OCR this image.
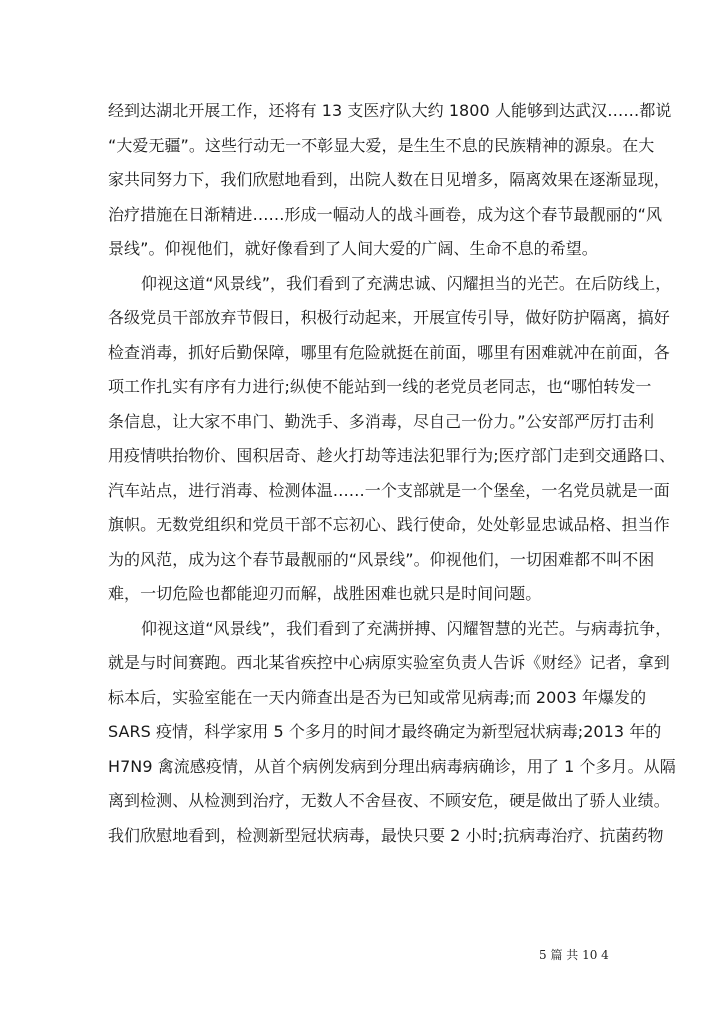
经到达湖北开展工作，还将有 13 支医疗队大约 1800 人能够到达武汉……都说
“大爱无疆”。这些行动无一不彰显大爱，是生生不息的民族精神的源泉。在大
家共同努力下，我们欣慰地看到，出院人数在日见增多，隔离效果在逐渐显现，
治疗措施在日渐精进……形成一幅动人的战斗画卷，成为这个春节最靓丽的“风
景线”。仰视他们，就好像看到了人间大爱的广阔、生命不息的希望。
仰视这道“风景线”，我们看到了充满忠诚、闪耀担当的光芒。在后防线上，
各级党员干部放弃节假日，积极行动起来，开展宣传引导，做好防护隔离，搞好
检查消毒，抓好后勤保障，哪里有危险就挺在前面，哪里有困难就冲在前面，各
项工作扎实有序有力进行;纵使不能站到一线的老党员老同志，也“哪怕转发一
条信息，让大家不串门、勤洗手、多消毒，尽自己一份力。”公安部严厉打击利
用疫情哄抬物价、囤积居奇、趁火打劫等违法犯罪行为;医疗部门走到交通路口、
汽车站点，进行消毒、检测体温……一个支部就是一个堡垒，一名党员就是一面
旗帜。无数党组织和党员干部不忘初心、践行使命，处处彰显忠诚品格、担当作
为的风范，成为这个春节最靓丽的“风景线”。仰视他们，一切困难都不叫不困
难，一切危险也都能迎刃而解，战胜困难也就只是时间问题。
仰视这道“风景线”，我们看到了充满拼搏、闪耀智慧的光芒。与病毒抗争，
就是与时间赛跑。西北某省疾控中心病原实验室负责人告诉《财经》记者，拿到
标本后，实验室能在一天内筛查出是否为已知或常见病毒;而 2003 年爆发的
SARS 疫情，科学家用 5 个多月的时间才最终确定为新型冠状病毒;2013 年的
H7N9 禽流感疫情，从首个病例发病到分理出病毒病确诊，用了 1 个多月。从隔
离到检测、从检测到治疗，无数人不舍昼夜、不顾安危，硬是做出了骄人业绩。
我们欣慰地看到，检测新型冠状病毒，最快只要 2 小时;抗病毒治疗、抗菌药物
5 篇 共 10 4
